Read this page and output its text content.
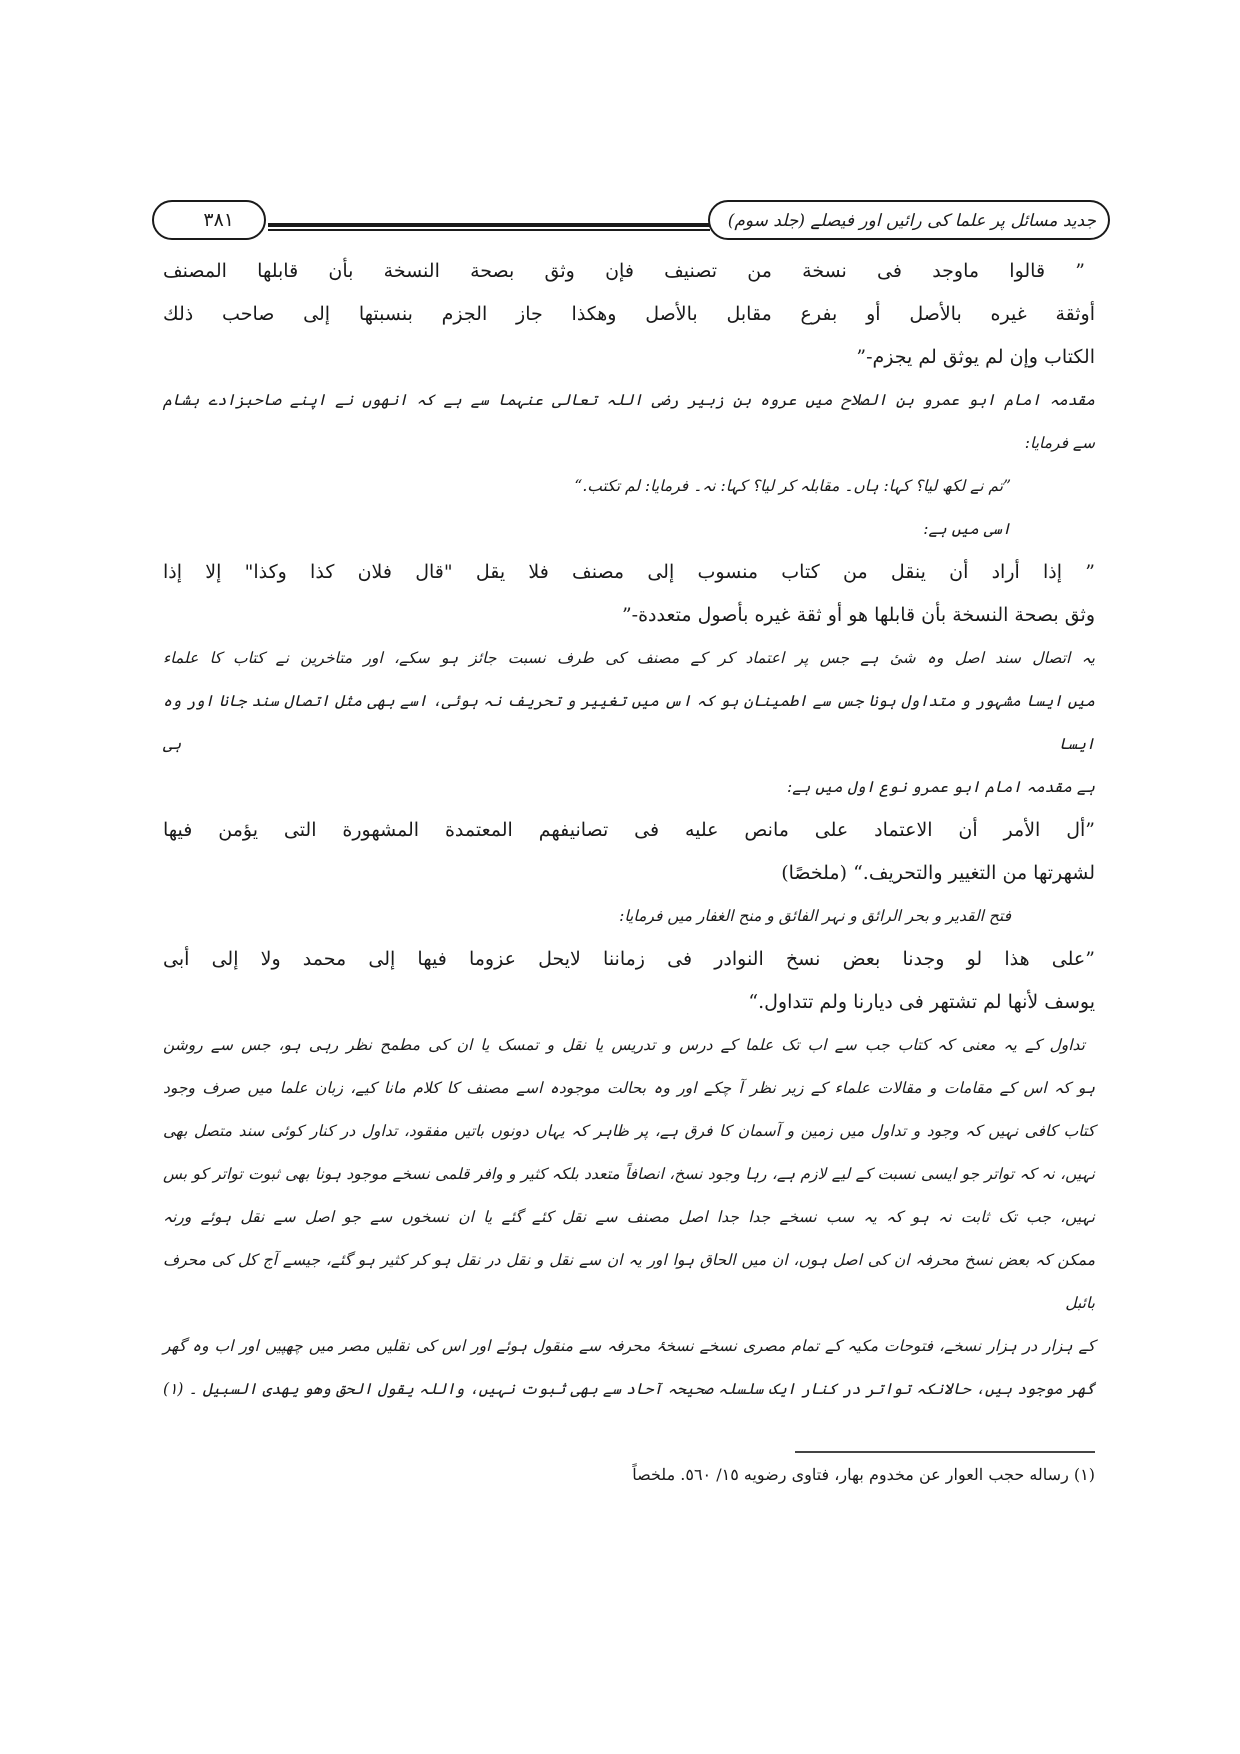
٣٨١	جدید مسائل پر علما کی رائیں اور فیصلے (جلد سوم)
” قالوا ماوجد فی نسخة من تصنیف فإن وثق بصحة النسخة بأن قابلها المصنف
أوثقة غیره بالأصل أو بفرع مقابل بالأصل وهكذا جاز الجزم بنسبتها إلى صاحب ذلك
الكتاب وإن لم یوثق لم یجزم-”
مقدمہ امام ابو عمرو بن الصلاح میں عروہ بن زبیر رضی اللہ تعالی عنہما سے ہے کہ انھوں نے اپنے صاحبزادے ہشام
سے فرمایا:
”تم نے لکھ لیا؟ کہا: ہاں۔ مقابلہ کر لیا؟ کہا: نہ۔ فرمایا: لم تکتب.“
اسی میں ہے:
” إذا أراد أن ینقل من كتاب منسوب إلى مصنف فلا یقل "قال فلان كذا وكذا" إلا إذا
وثق بصحة النسخة بأن قابلها هو أو ثقة غیره بأصول متعددة-”
یہ اتصال سند اصل وہ شیٔ ہے جس پر اعتماد کر کے مصنف کی طرف نسبت جائز ہو سکے، اور متاخرین نے کتاب کا علماء
میں ایسا مشہور و متداول ہونا جس سے اطمینان ہو کہ اس میں تغییر و تحریف نہ ہوئی، اسے بھی مثل اتصال سند جانا اور وہ ایسا ہی
ہے مقدمہ امام ابو عمرو نوع اول میں ہے:
”أل الأمر أن الاعتماد على مانص علیه فی تصانیفهم المعتمدة المشهورة التی یؤمن فیها
لشهرتها من التغییر والتحریف.“ (ملخصًا)
فتح القدیر و بحر الرائق و نہر الفائق و منح الغفار میں فرمایا:
”على هذا لو وجدنا بعض نسخ النوادر فی زماننا لایحل عزوما فیها إلى محمد ولا إلى أبی
یوسف لأنها لم تشتهر فی دیارنا ولم تتداول.“
تداول کے یہ معنی کہ کتاب جب سے اب تک علما کے درس و تدریس یا نقل و تمسک یا ان کی مطمح نظر رہی ہو، جس سے روشن
ہو کہ اس کے مقامات و مقالات علماء کے زیر نظر آ چکے اور وہ بحالت موجودہ اسے مصنف کا کلام مانا کیے، زبان علما میں صرف وجود
کتاب کافی نہیں کہ وجود و تداول میں زمین و آسمان کا فرق ہے، پر ظاہر کہ یہاں دونوں باتیں مفقود، تداول در کنار کوئی سند متصل بھی
نہیں، نہ کہ تواتر جو ایسی نسبت کے لیے لازم ہے، رہا وجود نسخ، انصافاً متعدد بلکہ کثیر و وافر قلمی نسخے موجود ہونا بھی ثبوت تواتر کو بس
نہیں، جب تک ثابت نہ ہو کہ یہ سب نسخے جدا جدا اصل مصنف سے نقل کئے گئے یا ان نسخوں سے جو اصل سے نقل ہوئے ورنہ
ممکن کہ بعض نسخ محرفہ ان کی اصل ہوں، ان میں الحاق ہوا اور یہ ان سے نقل و نقل در نقل ہو کر کثیر ہو گئے، جیسے آج کل کی محرف بائبل
کے ہزار در ہزار نسخے، فتوحات مکیہ کے تمام مصری نسخے نسخۂ محرفہ سے منقول ہوئے اور اس کی نقلیں مصر میں چھپیں اور اب وہ گھر
گھر موجود ہیں، حالانکہ تواتر در کنار ایک سلسلہ صحیحہ آحاد سے بھی ثبوت نہیں، واللہ یقول الحق وهو یهدی السبیل ۔ (١)
(١) رساله حجب العوار عن مخدوم بهار، فتاوی رضویه ١٥/ ٥٦٠. ملخصاً
